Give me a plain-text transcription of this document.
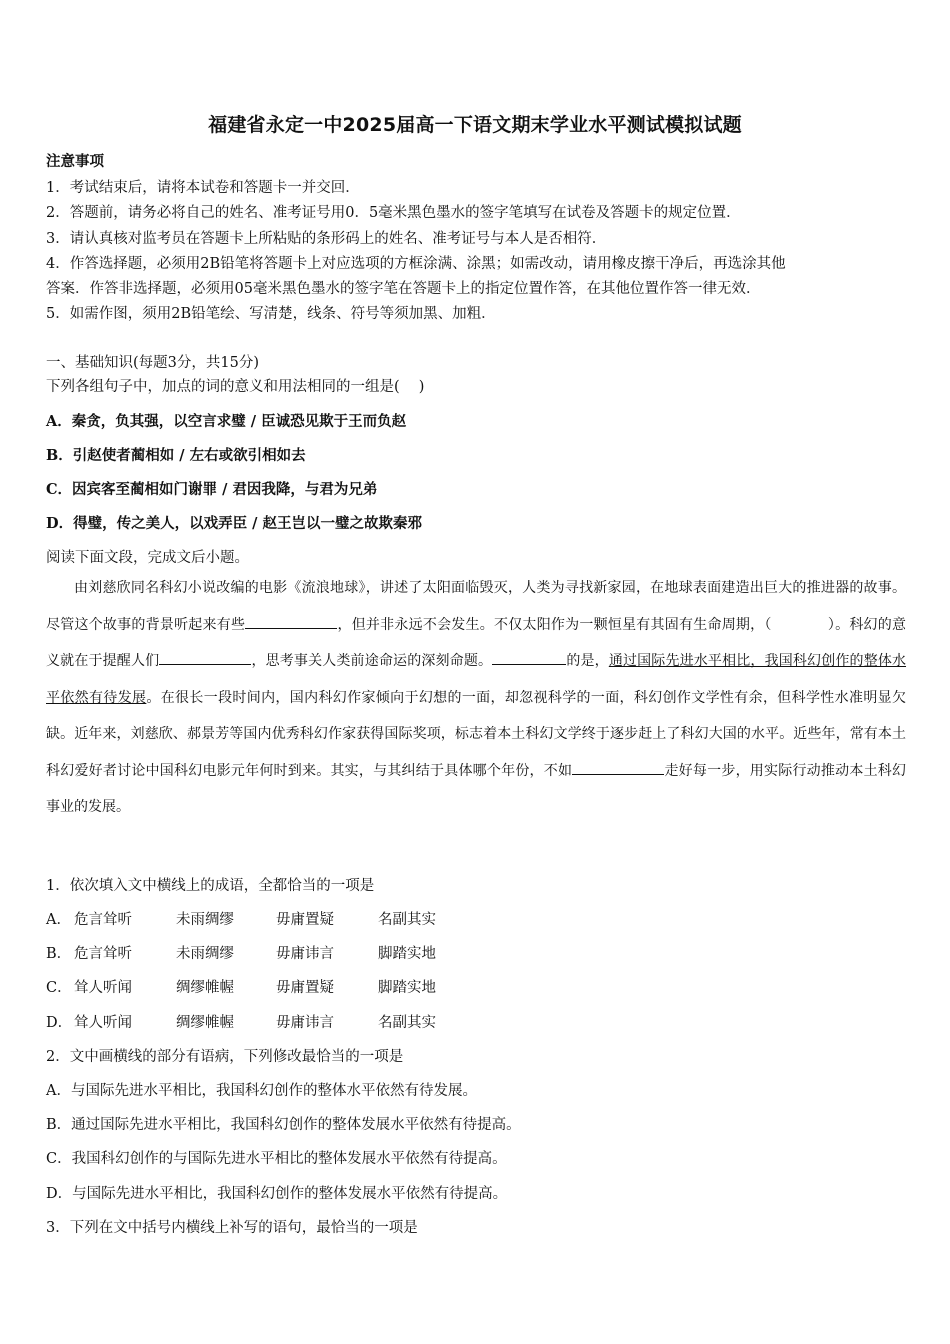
福建省永定一中2025届高一下语文期末学业水平测试模拟试题
注意事项
1．考试结束后，请将本试卷和答题卡一并交回．
2．答题前，请务必将自己的姓名、准考证号用0．5毫米黑色墨水的签字笔填写在试卷及答题卡的规定位置．
3．请认真核对监考员在答题卡上所粘贴的条形码上的姓名、准考证号与本人是否相符．
4．作答选择题，必须用2B铅笔将答题卡上对应选项的方框涂满、涂黑；如需改动，请用橡皮擦干净后，再选涂其他
答案．作答非选择题，必须用05毫米黑色墨水的签字笔在答题卡上的指定位置作答，在其他位置作答一律无效．
5．如需作图，须用2B铅笔绘、写清楚，线条、符号等须加黑、加粗．
一、基础知识(每题3分，共15分)
下列各组句子中，加点的词的意义和用法相同的一组是(　 )
A．秦贪，负其强，以空言求璧 / 臣诚恐见欺于王而负赵
B．引赵使者蔺相如 / 左右或欲引相如去
C．因宾客至蔺相如门谢罪 / 君因我降，与君为兄弟
D．得璧，传之美人，以戏弄臣 / 赵王岂以一璧之故欺秦邪
阅读下面文段，完成文后小题。
由刘慈欣同名科幻小说改编的电影《流浪地球》，讲述了太阳面临毁灭，人类为寻找新家园，在地球表面建造出巨大的推进器的故事。尽管这个故事的背景听起来有些	，但并非永远不会发生。不仅太阳作为一颗恒星有其固有生命周期，（	）。科幻的意义就在于提醒人们	，思考事关人类前途命运的深刻命题。	的是，通过国际先进水平相比，我国科幻创作的整体水平依然有待发展。在很长一段时间内，国内科幻作家倾向于幻想的一面，却忽视科学的一面，科幻创作文学性有余，但科学性水准明显欠缺。近年来，刘慈欣、郝景芳等国内优秀科幻作家获得国际奖项，标志着本土科幻文学终于逐步赶上了科幻大国的水平。近些年，常有本土科幻爱好者讨论中国科幻电影元年何时到来。其实，与其纠结于具体哪个年份，不如	走好每一步，用实际行动推动本土科幻事业的发展。
1．依次填入文中横线上的成语，全都恰当的一项是
A． 危言耸听	未雨绸缪	毋庸置疑	名副其实
B． 危言耸听	未雨绸缪	毋庸讳言	脚踏实地
C． 耸人听闻	绸缪帷幄	毋庸置疑	脚踏实地
D． 耸人听闻	绸缪帷幄	毋庸讳言	名副其实
2．文中画横线的部分有语病，下列修改最恰当的一项是
A．与国际先进水平相比，我国科幻创作的整体水平依然有待发展。
B．通过国际先进水平相比，我国科幻创作的整体发展水平依然有待提高。
C．我国科幻创作的与国际先进水平相比的整体发展水平依然有待提高。
D．与国际先进水平相比，我国科幻创作的整体发展水平依然有待提高。
3．下列在文中括号内横线上补写的语句，最恰当的一项是
